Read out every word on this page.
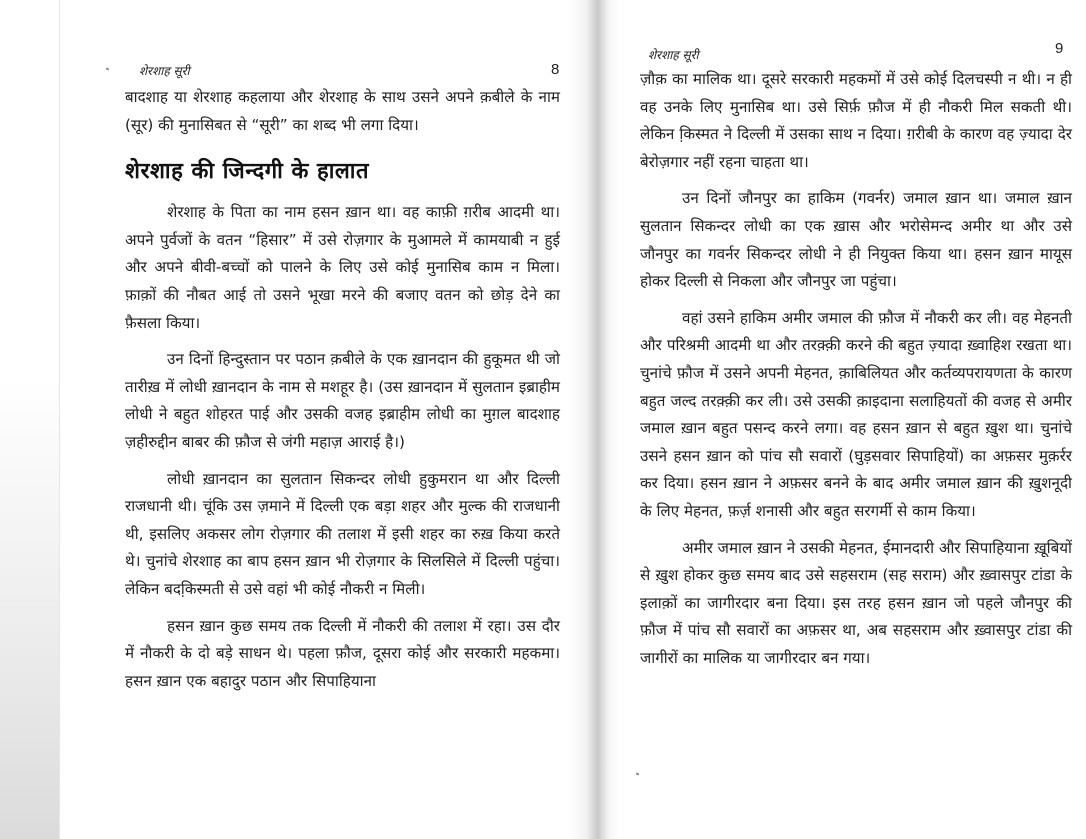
शेरशाह सूरी	8

बादशाह या शेरशाह कहलाया और शेरशाह के साथ उसने अपने क़बीले के नाम (सूर) की मुनासिबत से “सूरी” का शब्द भी लगा दिया।

शेरशाह की जिन्दगी के हालात

शेरशाह के पिता का नाम हसन ख़ान था। वह काफ़ी ग़रीब आदमी था। अपने पुर्वजों के वतन “हिसार” में उसे रोज़गार के मुआमले में कामयाबी न हुई और अपने बीवी-बच्चों को पालने के लिए उसे कोई मुनासिब काम न मिला। फ़ाक़ों की नौबत आई तो उसने भूखा मरने की बजाए वतन को छोड़ देने का फ़ैसला किया।

उन दिनों हिन्दुस्तान पर पठान क़बीले के एक ख़ानदान की हुकूमत थी जो तारीख़ में लोधी ख़ानदान के नाम से मशहूर है। (उस ख़ानदान में सुलतान इब्राहीम लोधी ने बहुत शोहरत पाई और उसकी वजह इब्राहीम लोधी का मुग़ल बादशाह ज़हीरुद्दीन बाबर की फ़ौज से जंगी महाज़ आराई है।)

लोधी ख़ानदान का सुलतान सिकन्दर लोधी हुकुमरान था और दिल्ली राजधानी थी। चूंकि उस ज़माने में दिल्ली एक बड़ा शहर और मुल्क की राजधानी थी, इसलिए अकसर लोग रोज़गार की तलाश में इसी शहर का रुख़ किया करते थे। चुनांचे शेरशाह का बाप हसन ख़ान भी रोज़गार के सिलसिले में दिल्ली पहुंचा। लेकिन बदकि़स्मती से उसे वहां भी कोई नौकरी न मिली।

हसन ख़ान कुछ समय तक दिल्ली में नौकरी की तलाश में रहा। उस दौर में नौकरी के दो बड़े साधन थे। पहला फ़ौज, दूसरा कोई और सरकारी महकमा। हसन ख़ान एक बहादुर पठान और सिपाहियाना

शेरशाह सूरी	9

ज़ौक़ का मालिक था। दूसरे सरकारी महकमों में उसे कोई दिलचस्पी न थी। न ही वह उनके लिए मुनासिब था। उसे सिर्फ़ फ़ौज में ही नौकरी मिल सकती थी। लेकिन कि़स्मत ने दिल्ली में उसका साथ न दिया। ग़रीबी के कारण वह ज़्यादा देर बेरोज़गार नहीं रहना चाहता था।

उन दिनों जौनपुर का हाकिम (गवर्नर) जमाल ख़ान था। जमाल ख़ान सुलतान सिकन्दर लोधी का एक ख़ास और भरोसेमन्द अमीर था और उसे जौनपुर का गवर्नर सिकन्दर लोधी ने ही नियुक्त किया था। हसन ख़ान मायूस होकर दिल्ली से निकला और जौनपुर जा पहुंचा।

वहां उसने हाकिम अमीर जमाल की फ़ौज में नौकरी कर ली। वह मेहनती और परिश्रमी आदमी था और तरक़्क़ी करने की बहुत ज़्यादा ख़्वाहिश रखता था। चुनांचे फ़ौज में उसने अपनी मेहनत, क़ाबिलियत और कर्तव्यपरायणता के कारण बहुत जल्द तरक़्क़ी कर ली। उसे उसकी क़ाइदाना सलाहियतों की वजह से अमीर जमाल ख़ान बहुत पसन्द करने लगा। वह हसन ख़ान से बहुत ख़ुश था। चुनांचे उसने हसन ख़ान को पांच सौ सवारों (घुड़सवार सिपाहियों) का अफ़सर मुक़र्रर कर दिया। हसन ख़ान ने अफ़सर बनने के बाद अमीर जमाल ख़ान की ख़ुशनूदी के लिए मेहनत, फ़र्ज़ शनासी और बहुत सरगर्मी से काम किया।

अमीर जमाल ख़ान ने उसकी मेहनत, ईमानदारी और सिपाहियाना ख़ूबियों से ख़ुश होकर कुछ समय बाद उसे सहसराम (सह सराम) और ख़्वासपुर टांडा के इलाक़ों का जागीरदार बना दिया। इस तरह हसन ख़ान जो पहले जौनपुर की फ़ौज में पांच सौ सवारों का अफ़सर था, अब सहसराम और ख़्वासपुर टांडा की जागीरों का मालिक या जागीरदार बन गया।
